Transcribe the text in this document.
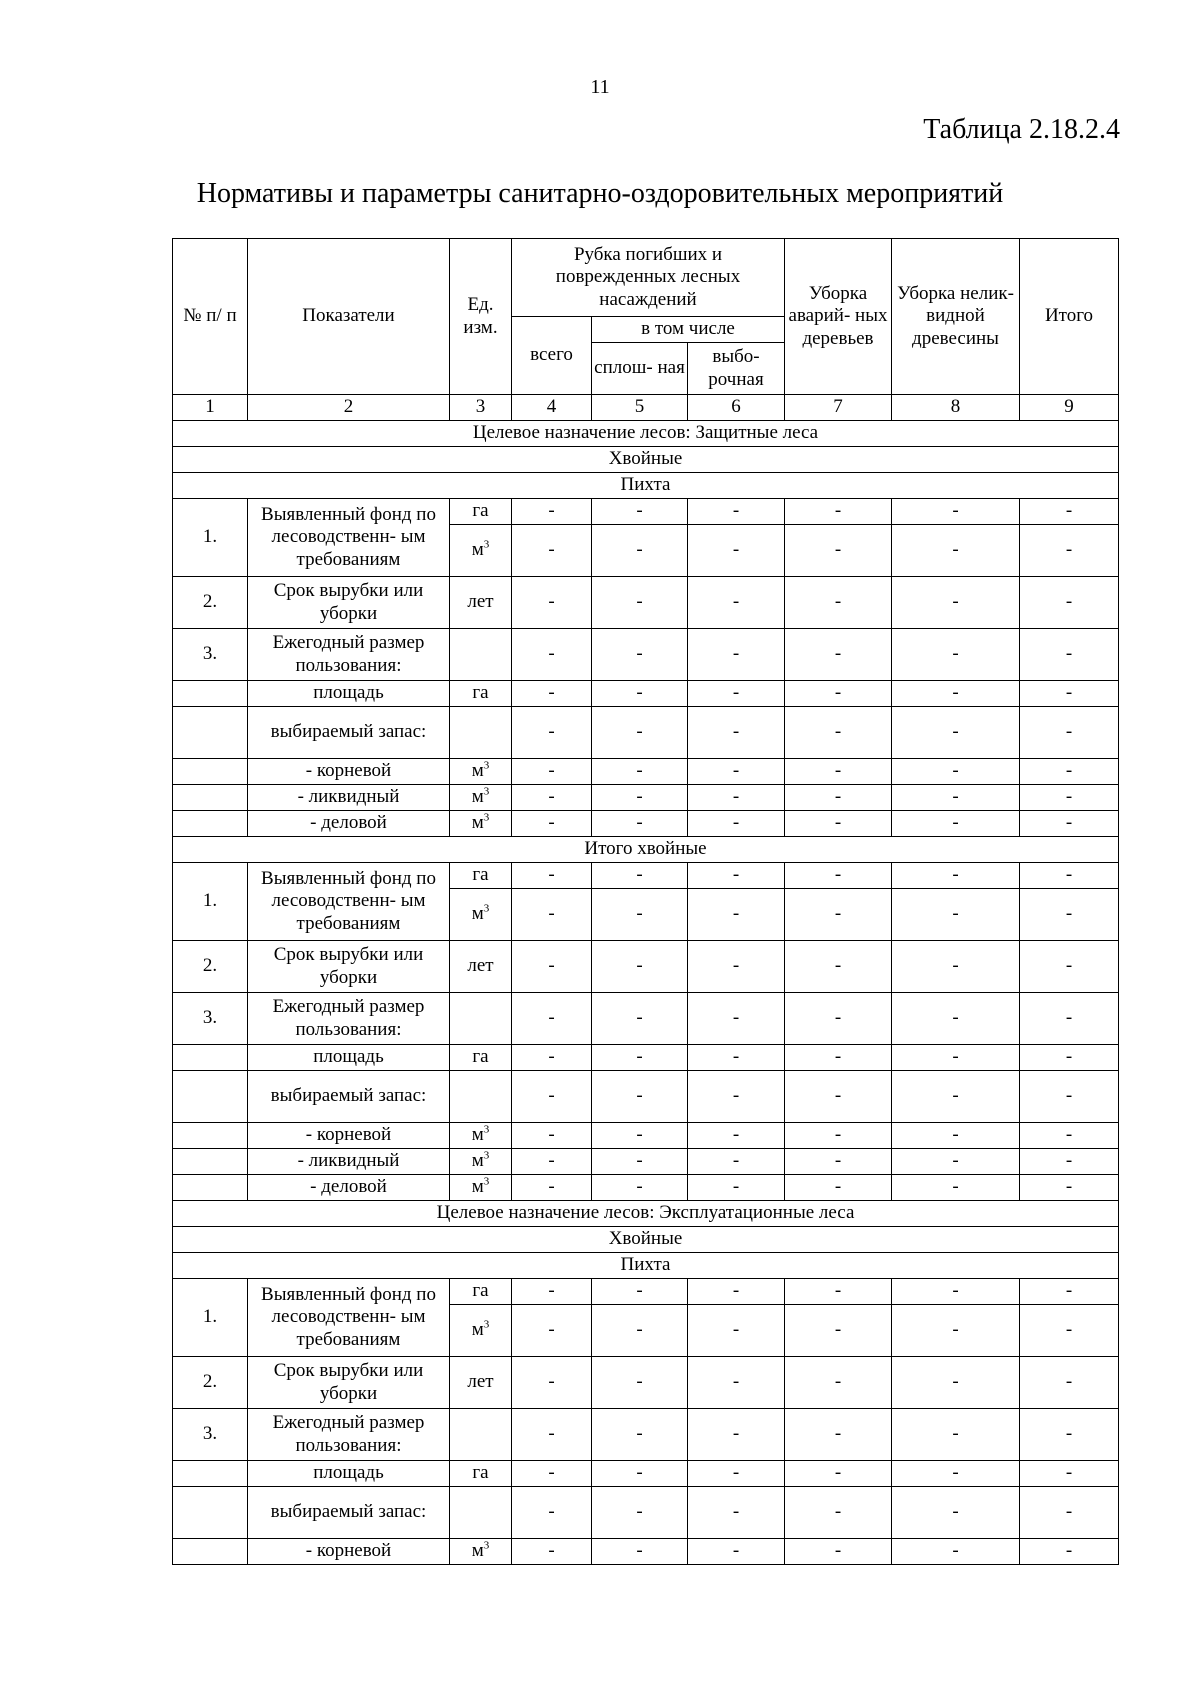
11
Таблица 2.18.2.4
Нормативы и параметры санитарно-оздоровительных мероприятий
№ п/ п	Показатели	Ед. изм.	Рубка погибших и поврежденных лесных насаждений			Уборка аварий- ных деревьев	Уборка нелик- видной древесины	Итого

			всего	в том числе				
				сплош- ная	выбо- рочная			
1	2	3	4	5	6	7	8	9
Целевое назначение лесов: Защитные леса								
Хвойные								
Пихта								
1.	Выявленный фонд по лесоводственн- ым требованиям	га	-	-	-	-	-	-
		$м^3$	-	-	-	-	-	-
2.	Срок вырубки или уборки	лет	-	-	-	-	-	-
3.	Ежегодный размер пользования:		-	-	-	-	-	-
	площадь	га	-	-	-	-	-	-
	выбираемый запас:		-	-	-	-	-	-
	- корневой	$м^3$	-	-	-	-	-	-
	- ликвидный	$м^3$	-	-	-	-	-	-
	- деловой	$м^3$	-	-	-	-	-	-
Итого хвойные								
1.	Выявленный фонд по лесоводственн- ым требованиям	га	-	-	-	-	-	-
		$м^3$	-	-	-	-	-	-
2.	Срок вырубки или уборки	лет	-	-	-	-	-	-
3.	Ежегодный размер пользования:		-	-	-	-	-	-
	площадь	га	-	-	-	-	-	-
	выбираемый запас:		-	-	-	-	-	-
	- корневой	$м^3$	-	-	-	-	-	-
	- ликвидный	$м^3$	-	-	-	-	-	-
	- деловой	$м^3$	-	-	-	-	-	-
Целевое назначение лесов: Эксплуатационные леса								
Хвойные								
Пихта								
1.	Выявленный фонд по лесоводственн- ым требованиям	га	-	-	-	-	-	-
		$м^3$	-	-	-	-	-	-
2.	Срок вырубки или уборки	лет	-	-	-	-	-	-
3.	Ежегодный размер пользования:		-	-	-	-	-	-
	площадь	га	-	-	-	-	-	-
	выбираемый запас:		-	-	-	-	-	-
	- корневой	$м^3$	-	-	-	-	-	-
